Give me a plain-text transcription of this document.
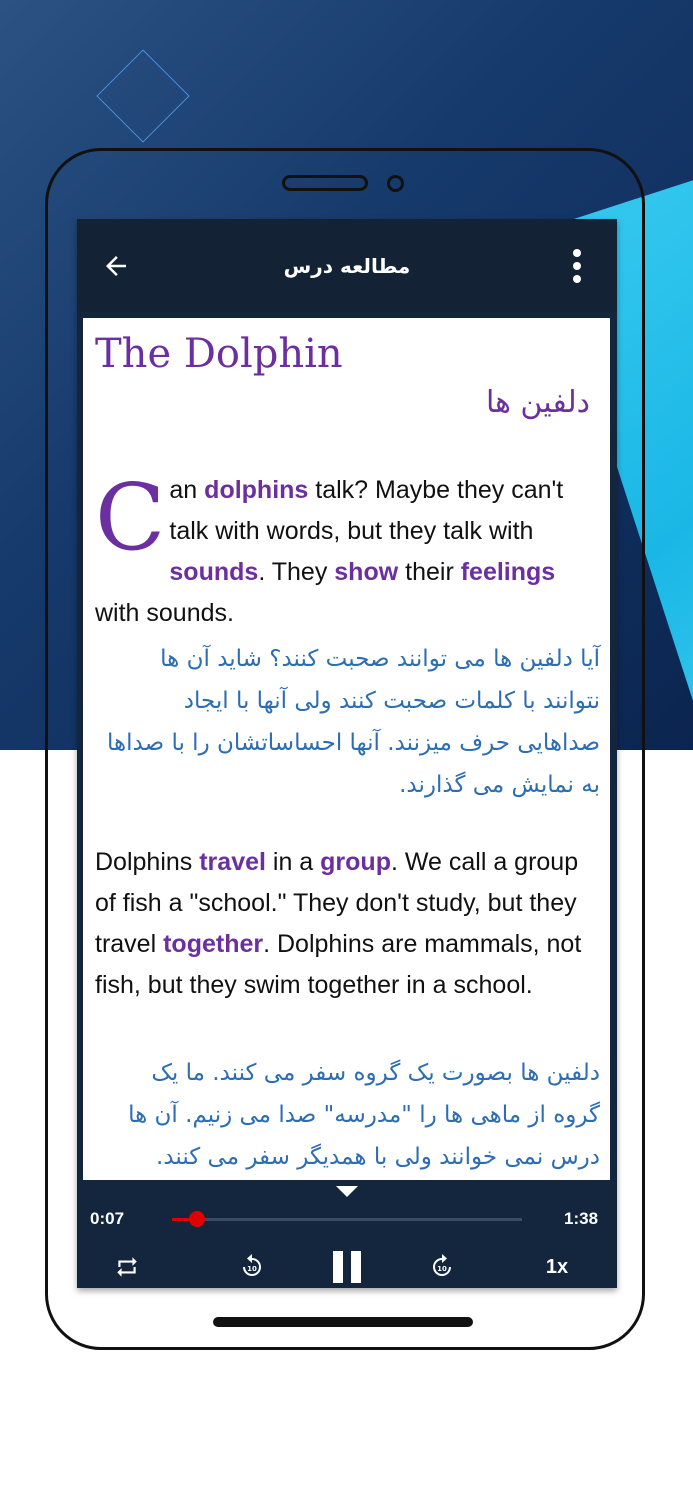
مطالعه درس
The Dolphin
دلفین ها
Can dolphins talk? Maybe they can't talk with words, but they talk with sounds. They show their feelings with sounds.
آیا دلفین ها می توانند صحبت کنند؟ شاید آن ها نتوانند با کلمات صحبت کنند ولی آنها با ایجاد صداهایی حرف میزنند. آنها احساساتشان را با صداها به نمایش می گذارند.
Dolphins travel in a group. We call a group of fish a "school." They don't study, but they travel together. Dolphins are mammals, not fish, but they swim together in a school.
دلفین ها بصورت یک گروه سفر می کنند. ما یک گروه از ماهی ها را "مدرسه" صدا می زنیم. آن ها درس نمی خوانند ولی با همدیگر سفر می کنند.
0:07	1:38
10	10	1x
